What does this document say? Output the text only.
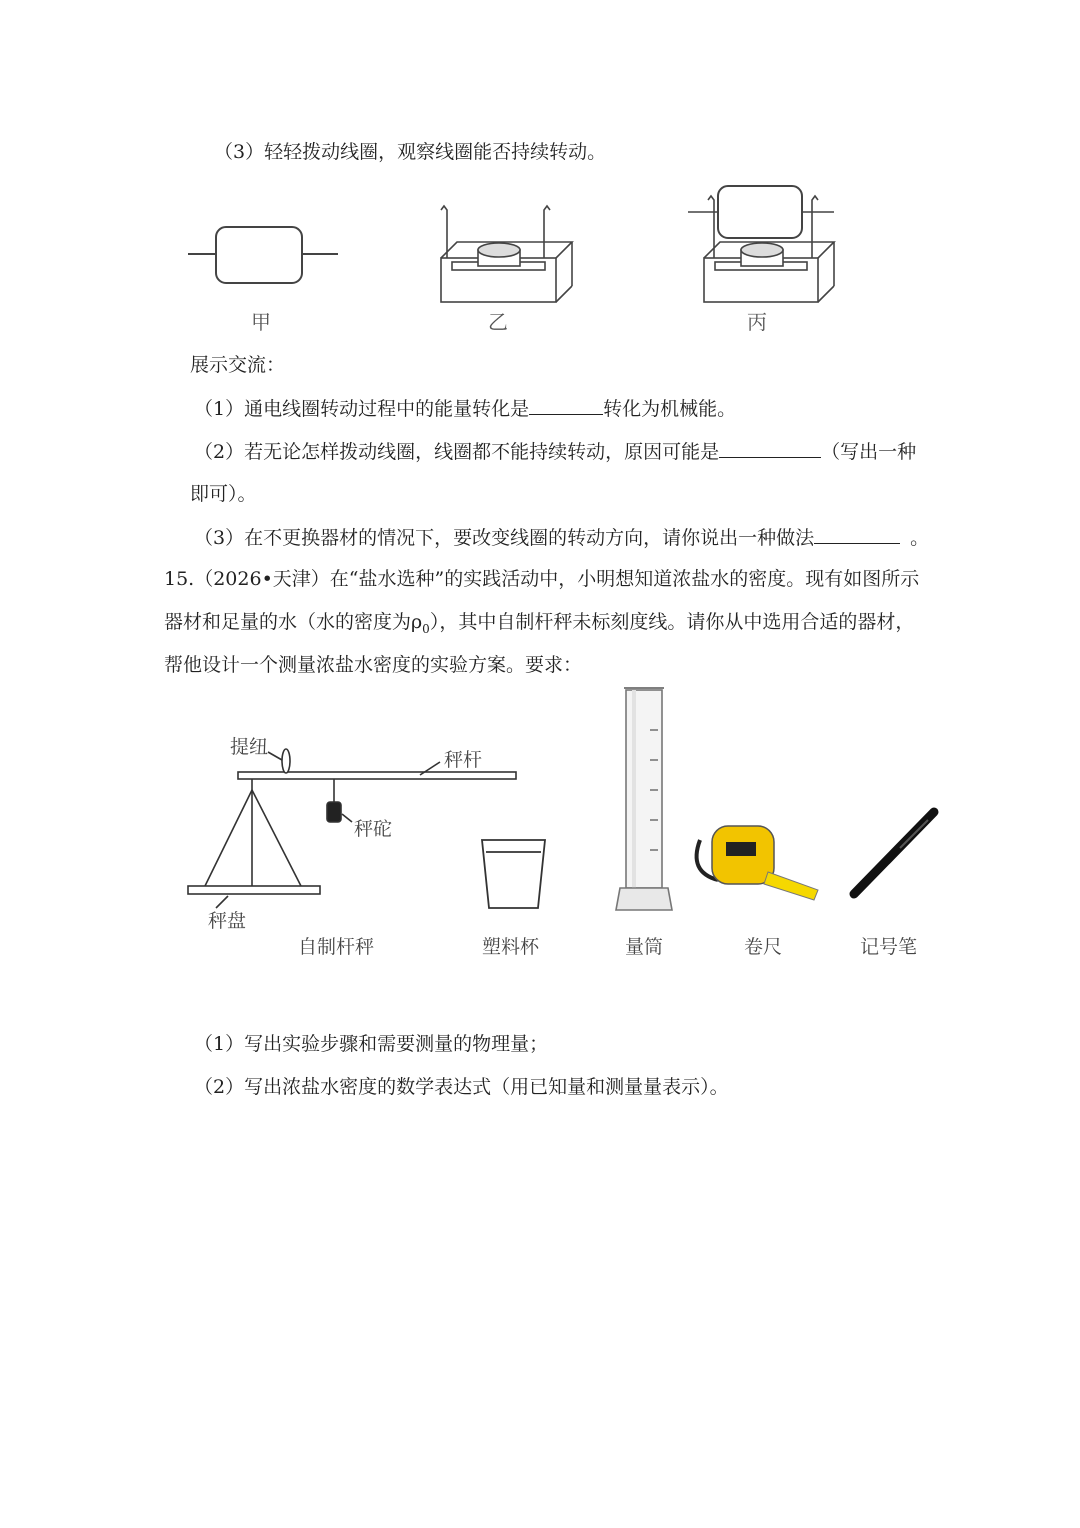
（3）轻轻拨动线圈，观察线圈能否持续转动。
甲	乙	丙
展示交流：
（1）通电线圈转动过程中的能量转化是	转化为机械能。
（2）若无论怎样拨动线圈，线圈都不能持续转动，原因可能是	（写出一种
即可）。
（3）在不更换器材的情况下，要改变线圈的转动方向，请你说出一种做法	。
15.（2026•天津）在“盐水选种”的实践活动中，小明想知道浓盐水的密度。现有如图所示
器材和足量的水（水的密度为$\rho_0$），其中自制杆秤未标刻度线。请你从中选用合适的器材，
帮他设计一个测量浓盐水密度的实验方案。要求：
提纽
秤杆
秤砣
秤盘
自制杆秤	塑料杯	量筒	卷尺	记号笔
（1）写出实验步骤和需要测量的物理量；
（2）写出浓盐水密度的数学表达式（用已知量和测量量表示）。
